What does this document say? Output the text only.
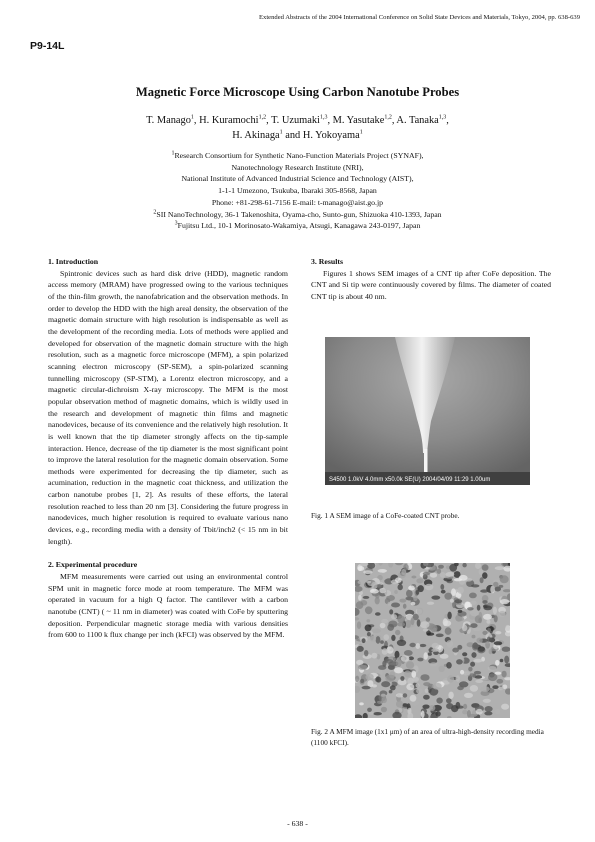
Extended Abstracts of the 2004 International Conference on Solid State Devices and Materials, Tokyo, 2004, pp. 638-639
P9-14L
Magnetic Force Microscope Using Carbon Nanotube Probes
T. Manago$^1$, H. Kuramochi$^{1,2}$, T. Uzumaki$^{1,3}$, M. Yasutake$^{1,2}$, A. Tanaka$^{1,3}$,
H. Akinaga$^1$ and H. Yokoyama$^1$
$^1$Research Consortium for Synthetic Nano-Function Materials Project (SYNAF),
Nanotechnology Research Institute (NRI),
National Institute of Advanced Industrial Science and Technology (AIST),
1-1-1 Umezono, Tsukuba, Ibaraki 305-8568, Japan
Phone: +81-298-61-7156 E-mail: t-manago@aist.go.jp
$^2$SII NanoTechnology, 36-1 Takenoshita, Oyama-cho, Sunto-gun, Shizuoka 410-1393, Japan
$^3$Fujitsu Ltd., 10-1 Morinosato-Wakamiya, Atsugi, Kanagawa 243-0197, Japan

1. Introduction

Spintronic devices such as hard disk drive (HDD), magnetic random access memory (MRAM) have progressed owing to the various techniques of the thin-film growth, the nanofabrication and the observation methods. In order to develop the HDD with the high areal density, the observation of the magnetic domain structure with high resolution is indispensable as well as the development of the recording media. Lots of methods were applied and developed for observation of the magnetic domain structure with the high resolution, such as a magnetic force microscope (MFM), a spin polarized scanning electron microscopy (SP-SEM), a spin-polarized scanning tunnelling microscopy (SP-STM), a Lorentz electron microscopy, and a magnetic circular-dichroism X-ray microscopy. The MFM is the most popular observation method of magnetic domains, which is wildly used in the research and development of magnetic thin films and magnetic nanodevices, because of its convenience and the relatively high resolution. It is well known that the tip diameter strongly affects on the tip-sample interaction. Hence, decrease of the tip diameter is the most significant point to improve the lateral resolution for the magnetic domain observation. Some methods were experimented for decreasing the tip diameter, such as acumination, reduction in the magnetic coat thickness, and utilization the carbon nanotube probes [1, 2]. As results of these efforts, the lateral resolution reached to less than 20 nm [3]. Considering the future progress in nanodevices, much higher resolution is required to evaluate various nano devices, e.g., recording media with a density of Tbit/inch2 (< 15 nm in bit length).

2. Experimental procedure

MFM measurements were carried out using an environmental control SPM unit in magnetic force mode at room temperature. The MFM was operated in vacuum for a high Q factor. The cantilever with a carbon nanotube (CNT) ( ~ 11 nm in diameter) was coated with CoFe by sputtering deposition. Perpendicular magnetic storage media with various densities from 600 to 1100 k flux change per inch (kFCI) was observed by the MFM.

3. Results

Figures 1 shows SEM images of a CNT tip after CoFe deposition. The CNT and Si tip were continuously covered by films. The diameter of coated CNT tip is about 40 nm.

S4500 1.0kV 4.0mm x50.0k SE(U) 2004/04/09 11:29 1.00um
Fig. 1 A SEM image of a CoFe-coated CNT probe.
Fig. 2 A MFM image (1x1 μm) of an area of ultra-high-density recording media (1100 kFCI).
- 638 -
